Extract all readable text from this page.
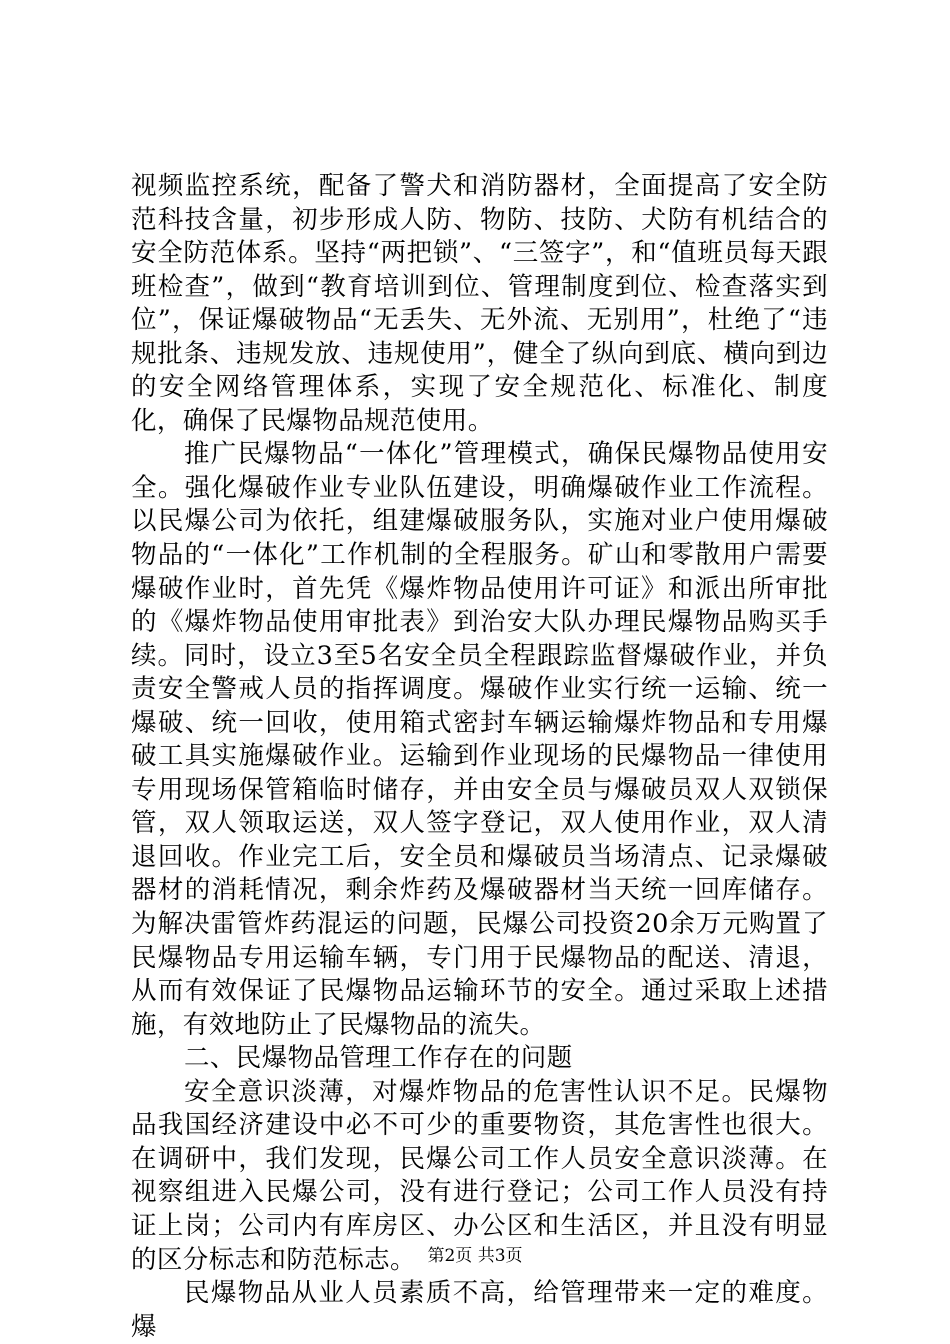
视频监控系统，配备了警犬和消防器材，全面提高了安全防范科技含量，初步形成人防、物防、技防、犬防有机结合的安全防范体系。坚持“两把锁”、“三签字”，和“值班员每天跟班检查”，做到“教育培训到位、管理制度到位、检查落实到位”，保证爆破物品“无丢失、无外流、无别用”，杜绝了“违规批条、违规发放、违规使用”，健全了纵向到底、横向到边的安全网络管理体系，实现了安全规范化、标准化、制度化，确保了民爆物品规范使用。

推广民爆物品“一体化”管理模式，确保民爆物品使用安全。强化爆破作业专业队伍建设，明确爆破作业工作流程。以民爆公司为依托，组建爆破服务队，实施对业户使用爆破物品的“一体化”工作机制的全程服务。矿山和零散用户需要爆破作业时，首先凭《爆炸物品使用许可证》和派出所审批的《爆炸物品使用审批表》到治安大队办理民爆物品购买手续。同时，设立3至5名安全员全程跟踪监督爆破作业，并负责安全警戒人员的指挥调度。爆破作业实行统一运输、统一爆破、统一回收，使用箱式密封车辆运输爆炸物品和专用爆破工具实施爆破作业。运输到作业现场的民爆物品一律使用专用现场保管箱临时储存，并由安全员与爆破员双人双锁保管，双人领取运送，双人签字登记，双人使用作业，双人清退回收。作业完工后，安全员和爆破员当场清点、记录爆破器材的消耗情况，剩余炸药及爆破器材当天统一回库储存。为解决雷管炸药混运的问题，民爆公司投资20余万元购置了民爆物品专用运输车辆，专门用于民爆物品的配送、清退，从而有效保证了民爆物品运输环节的安全。通过采取上述措施，有效地防止了民爆物品的流失。

二、民爆物品管理工作存在的问题

安全意识淡薄，对爆炸物品的危害性认识不足。民爆物品我国经济建设中必不可少的重要物资，其危害性也很大。在调研中，我们发现，民爆公司工作人员安全意识淡薄。在视察组进入民爆公司，没有进行登记；公司工作人员没有持证上岗；公司内有库房区、办公区和生活区，并且没有明显的区分标志和防范标志。

民爆物品从业人员素质不高，给管理带来一定的难度。爆

第2页 共3页
